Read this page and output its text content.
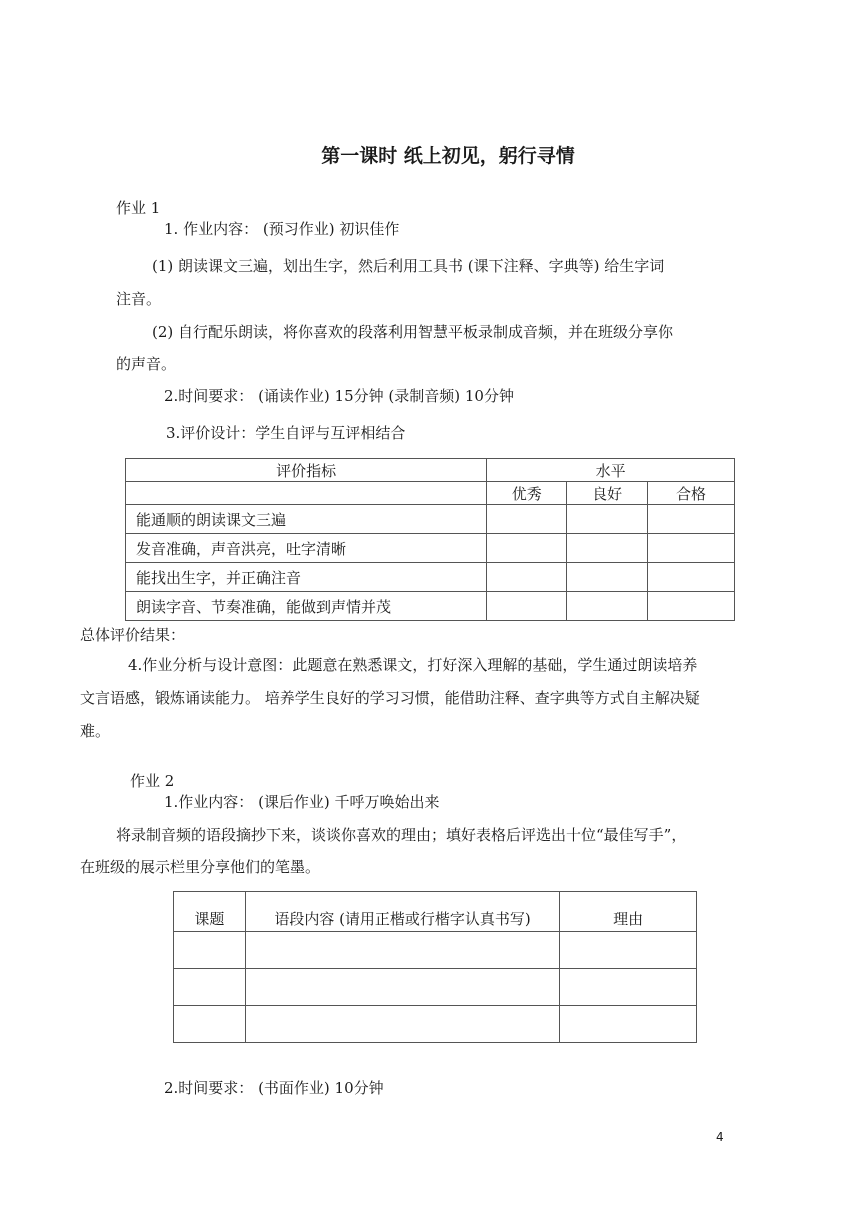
第一课时 纸上初见，躬行寻情
作业 1
1. 作业内容： (预习作业) 初识佳作
(1) 朗读课文三遍，划出生字，然后利用工具书 (课下注释、字典等) 给生字词
注音。
(2) 自行配乐朗读，将你喜欢的段落利用智慧平板录制成音频，并在班级分享你
的声音。
2.时间要求： (诵读作业) 15分钟 (录制音频) 10分钟
3.评价设计：学生自评与互评相结合
评价指标	水平		
	优秀	良好	合格
能通顺的朗读课文三遍			
发音准确，声音洪亮，吐字清晰			
能找出生字，并正确注音			
朗读字音、节奏准确，能做到声情并茂			
总体评价结果：
4.作业分析与设计意图：此题意在熟悉课文，打好深入理解的基础，学生通过朗读培养
文言语感，锻炼诵读能力。 培养学生良好的学习习惯，能借助注释、查字典等方式自主解决疑
难。
作业 2
1.作业内容： (课后作业) 千呼万唤始出来
将录制音频的语段摘抄下来，谈谈你喜欢的理由；填好表格后评选出十位“最佳写手”，
在班级的展示栏里分享他们的笔墨。
课题	语段内容 (请用正楷或行楷字认真书写)	理由

2.时间要求： (书面作业) 10分钟
4
